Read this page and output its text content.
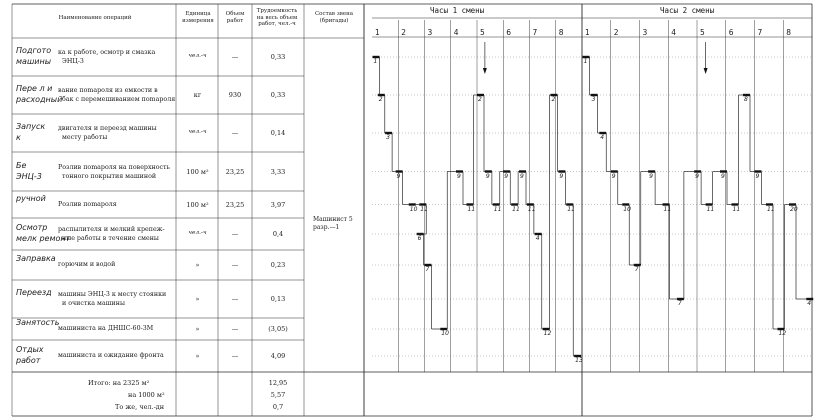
Наименование операций
Единица измерения
Объем работ
Трудоемкость на весь объем работ, чел.-ч
Состав звена (бригады)
Часы 1 смены	Часы 2 смены
Подгото
машины
ка к работе, осмотр и смазка
ЭНЦ-3
чел.-ч	—	0,33
Пере л и
расходный
вание пomaроля из емкости в
бак с перемешиванием пomaроля
кг	930	0,33
Запуск
к
двигателя и переезд машины
месту работы
чел.-ч	—	0,14
Бе
ЭНЦ-3
Розлив пomaроля на поверхность
тонного покрытия машиной
100 м²	23,25	3,33
ручной
Розлив пomaроля	100 м²	23,25	3,97
Осмотр
мелк ремонт
распылителя и мелкий крепеж-
ные работы в течение смены
чел.-ч	—	0,4
Заправка
горючим и водой	»	—	0,23
Переезд машины ЭНЦ-3 к месту стоянки
и очистка машины
»	—	0,13
Занятость
машиниста на ДНШС-60-3М	»	—	(3,05)
Отдых
работ
машиниста и ожидание фронта	»	—	4,09
Машинист 5 разр.—1
Итого: на 2325 м²
на 1000 м²
То же, чел.-дн
12,95
5,57
0,7
1	2	3	4	5	6	7	8	1	2	3	4	5	6	7	8
1
2
3
9
10 11
6
7
10
9
11
2
9
11
9
11
9
11
4
12
2
9
11
13
1
3
4
9
10
7
9
11
7
9
11
9
11
8
9
11
12
20
4
